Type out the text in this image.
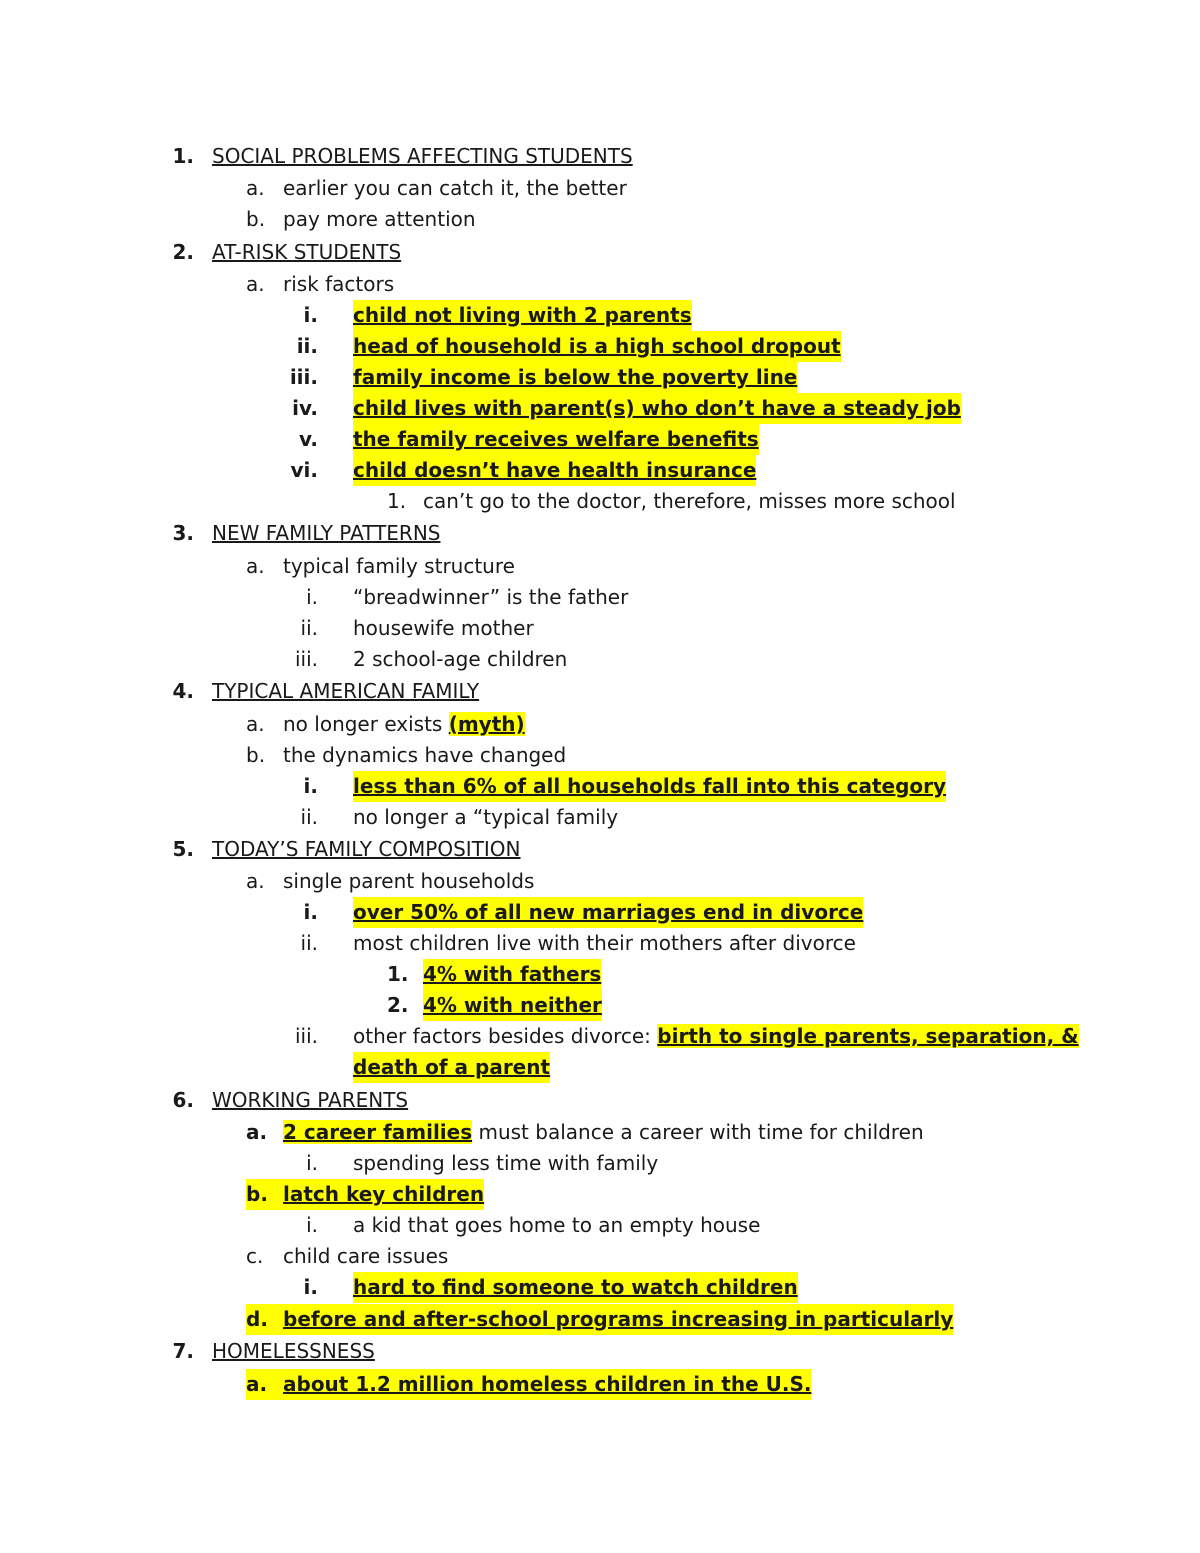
1. SOCIAL PROBLEMS AFFECTING STUDENTS
a. earlier you can catch it, the better
b. pay more attention
2. AT-RISK STUDENTS
a. risk factors
i. child not living with 2 parents
ii. head of household is a high school dropout
iii. family income is below the poverty line
iv. child lives with parent(s) who don’t have a steady job
v. the family receives welfare benefits
vi. child doesn’t have health insurance
1. can’t go to the doctor, therefore, misses more school
3. NEW FAMILY PATTERNS
a. typical family structure
i. “breadwinner” is the father
ii. housewife mother
iii. 2 school-age children
4. TYPICAL AMERICAN FAMILY
a. no longer exists (myth)
b. the dynamics have changed
i. less than 6% of all households fall into this category
ii. no longer a “typical family
5. TODAY’S FAMILY COMPOSITION
a. single parent households
i. over 50% of all new marriages end in divorce
ii. most children live with their mothers after divorce
1. 4% with fathers
2. 4% with neither
iii. other factors besides divorce: birth to single parents, separation, &
death of a parent
6. WORKING PARENTS
a. 2 career families must balance a career with time for children
i. spending less time with family
b. latch key children
i. a kid that goes home to an empty house
c. child care issues
i. hard to find someone to watch children
d. before and after-school programs increasing in particularly
7. HOMELESSNESS
a. about 1.2 million homeless children in the U.S.
